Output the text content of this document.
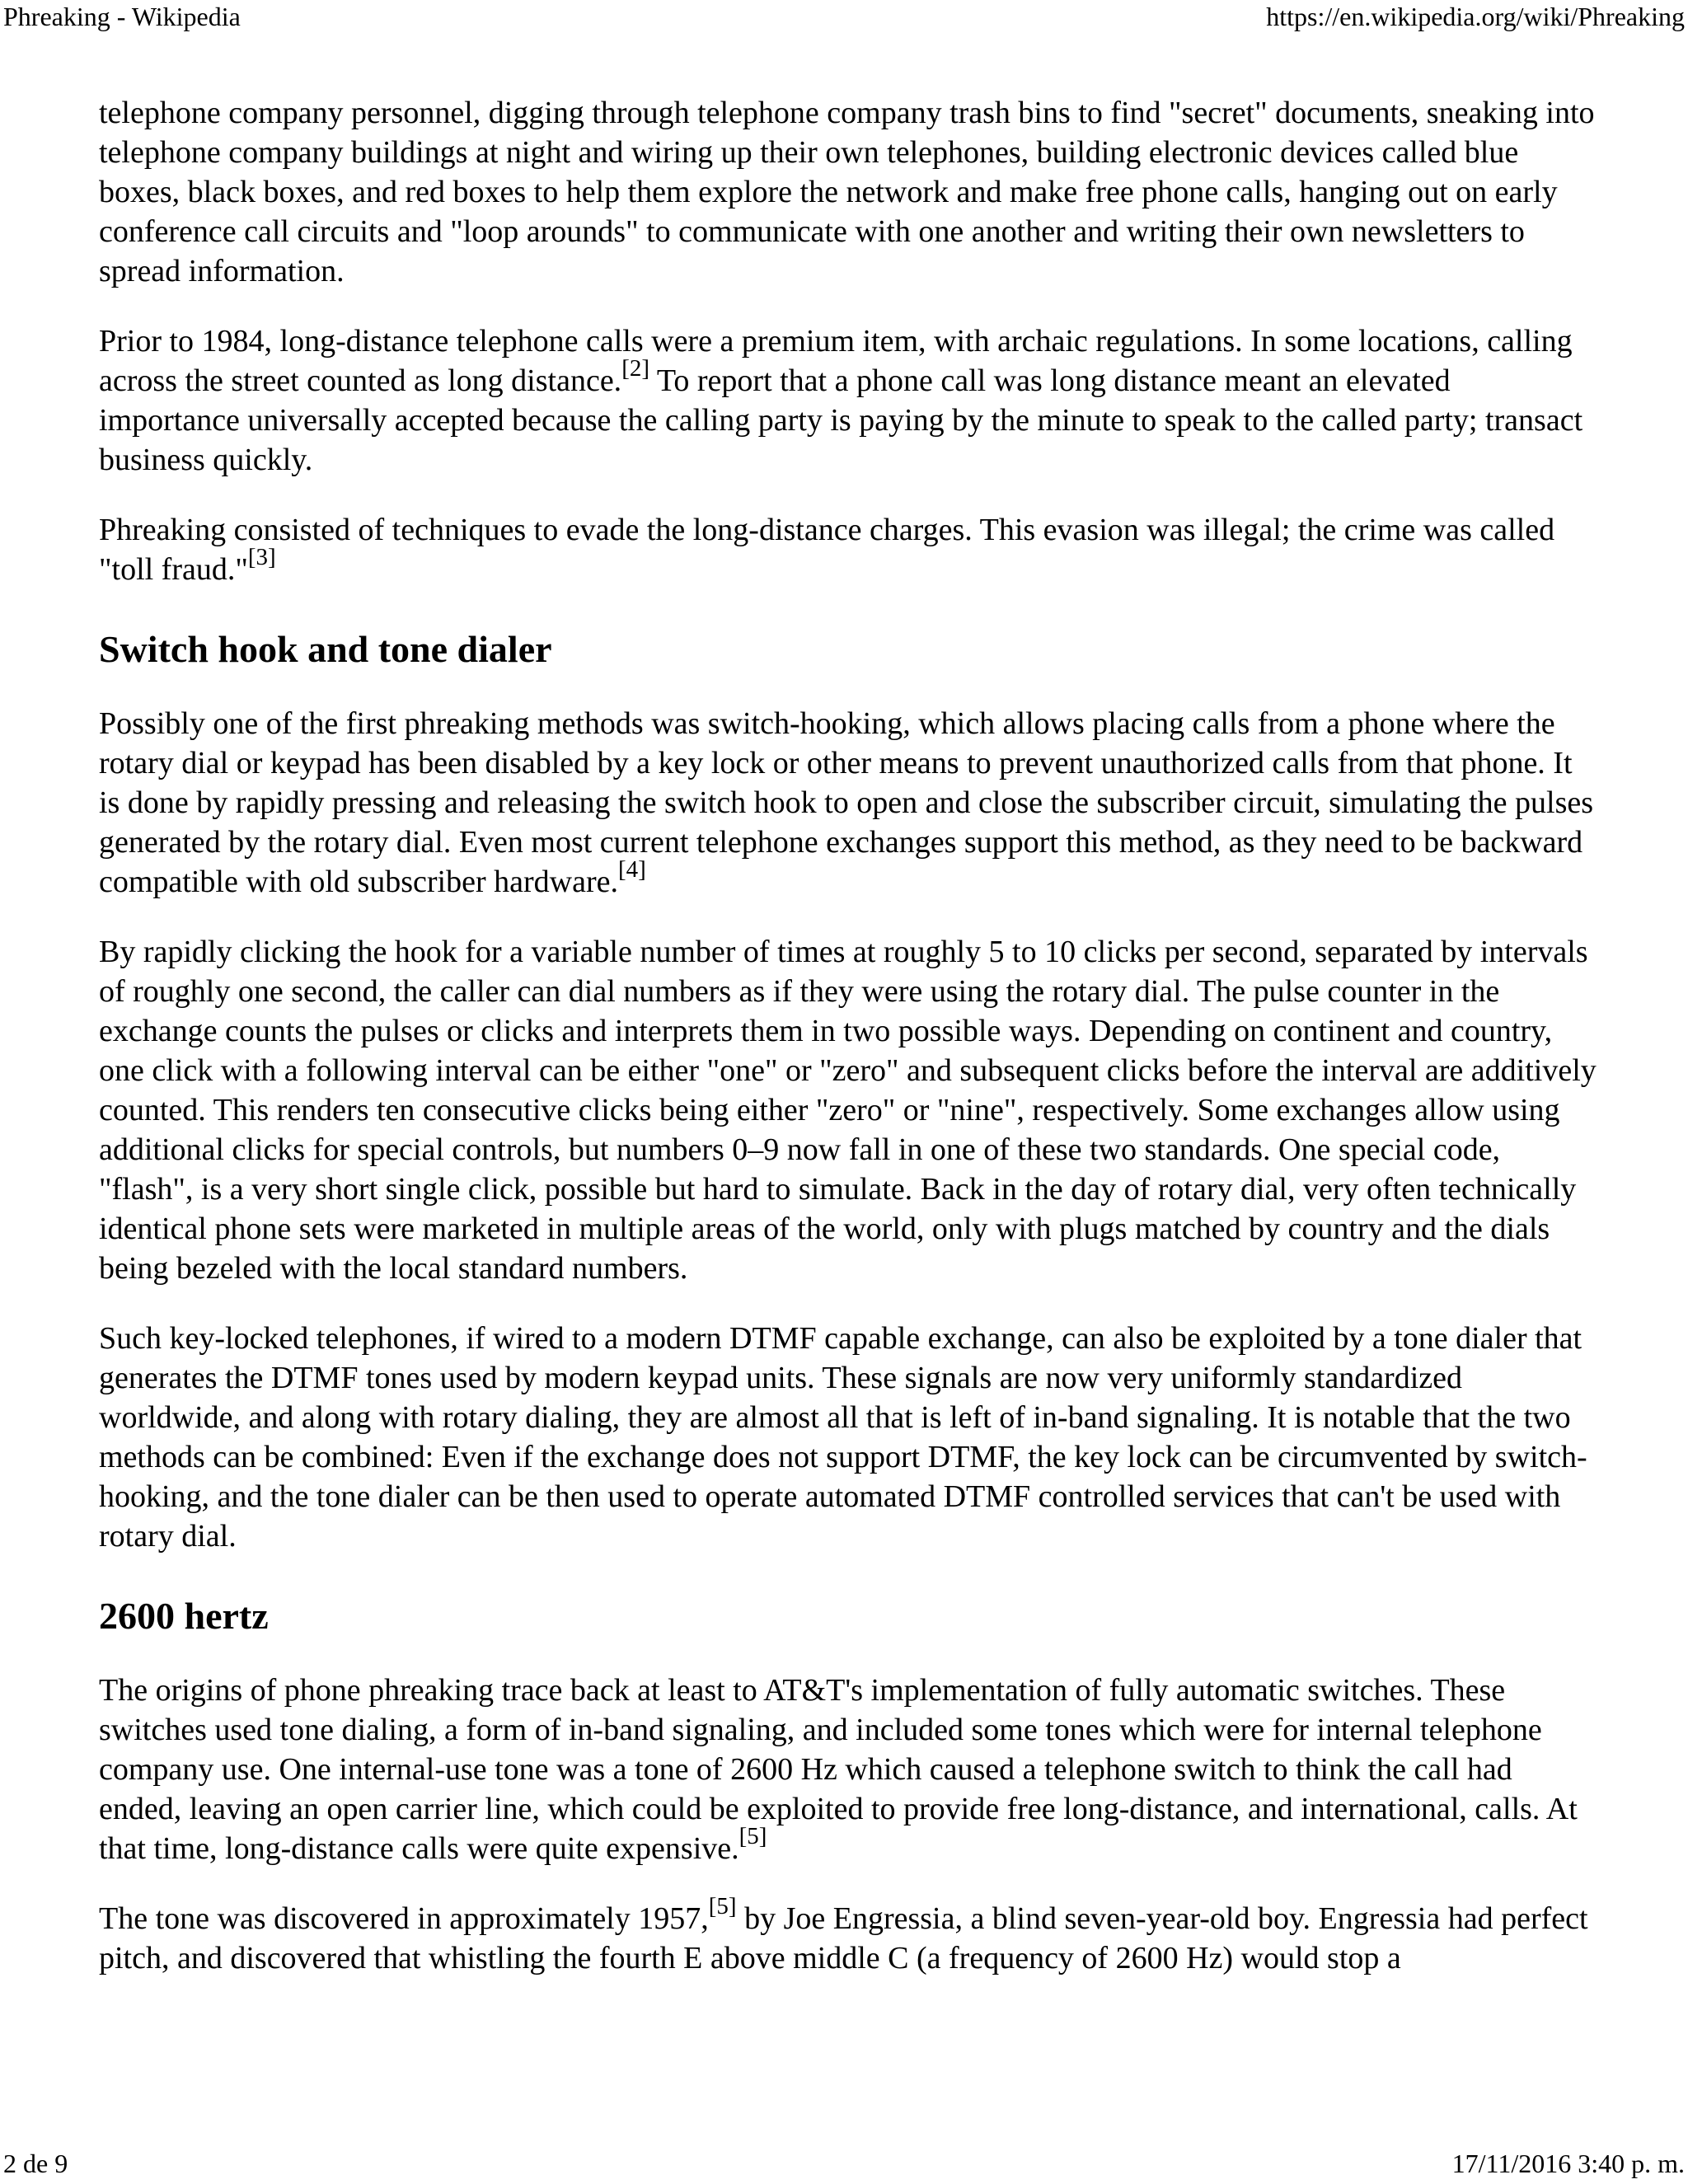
Phreaking - Wikipedia	https://en.wikipedia.org/wiki/Phreaking

telephone company personnel, digging through telephone company trash bins to find "secret" documents, sneaking into telephone company buildings at night and wiring up their own telephones, building electronic devices called blue boxes, black boxes, and red boxes to help them explore the network and make free phone calls, hanging out on early conference call circuits and "loop arounds" to communicate with one another and writing their own newsletters to spread information.

Prior to 1984, long-distance telephone calls were a premium item, with archaic regulations. In some locations, calling across the street counted as long distance.[2] To report that a phone call was long distance meant an elevated importance universally accepted because the calling party is paying by the minute to speak to the called party; transact business quickly.

Phreaking consisted of techniques to evade the long-distance charges. This evasion was illegal; the crime was called "toll fraud."[3]

Switch hook and tone dialer

Possibly one of the first phreaking methods was switch-hooking, which allows placing calls from a phone where the rotary dial or keypad has been disabled by a key lock or other means to prevent unauthorized calls from that phone. It is done by rapidly pressing and releasing the switch hook to open and close the subscriber circuit, simulating the pulses generated by the rotary dial. Even most current telephone exchanges support this method, as they need to be backward compatible with old subscriber hardware.[4]

By rapidly clicking the hook for a variable number of times at roughly 5 to 10 clicks per second, separated by intervals of roughly one second, the caller can dial numbers as if they were using the rotary dial. The pulse counter in the exchange counts the pulses or clicks and interprets them in two possible ways. Depending on continent and country, one click with a following interval can be either "one" or "zero" and subsequent clicks before the interval are additively counted. This renders ten consecutive clicks being either "zero" or "nine", respectively. Some exchanges allow using additional clicks for special controls, but numbers 0–9 now fall in one of these two standards. One special code, "flash", is a very short single click, possible but hard to simulate. Back in the day of rotary dial, very often technically identical phone sets were marketed in multiple areas of the world, only with plugs matched by country and the dials being bezeled with the local standard numbers.

Such key-locked telephones, if wired to a modern DTMF capable exchange, can also be exploited by a tone dialer that generates the DTMF tones used by modern keypad units. These signals are now very uniformly standardized worldwide, and along with rotary dialing, they are almost all that is left of in-band signaling. It is notable that the two methods can be combined: Even if the exchange does not support DTMF, the key lock can be circumvented by switch-hooking, and the tone dialer can be then used to operate automated DTMF controlled services that can't be used with rotary dial.

2600 hertz

The origins of phone phreaking trace back at least to AT&T's implementation of fully automatic switches. These switches used tone dialing, a form of in-band signaling, and included some tones which were for internal telephone company use. One internal-use tone was a tone of 2600 Hz which caused a telephone switch to think the call had ended, leaving an open carrier line, which could be exploited to provide free long-distance, and international, calls. At that time, long-distance calls were quite expensive.[5]

The tone was discovered in approximately 1957,[5] by Joe Engressia, a blind seven-year-old boy. Engressia had perfect pitch, and discovered that whistling the fourth E above middle C (a frequency of 2600 Hz) would stop a

2 de 9	17/11/2016 3:40 p. m.
